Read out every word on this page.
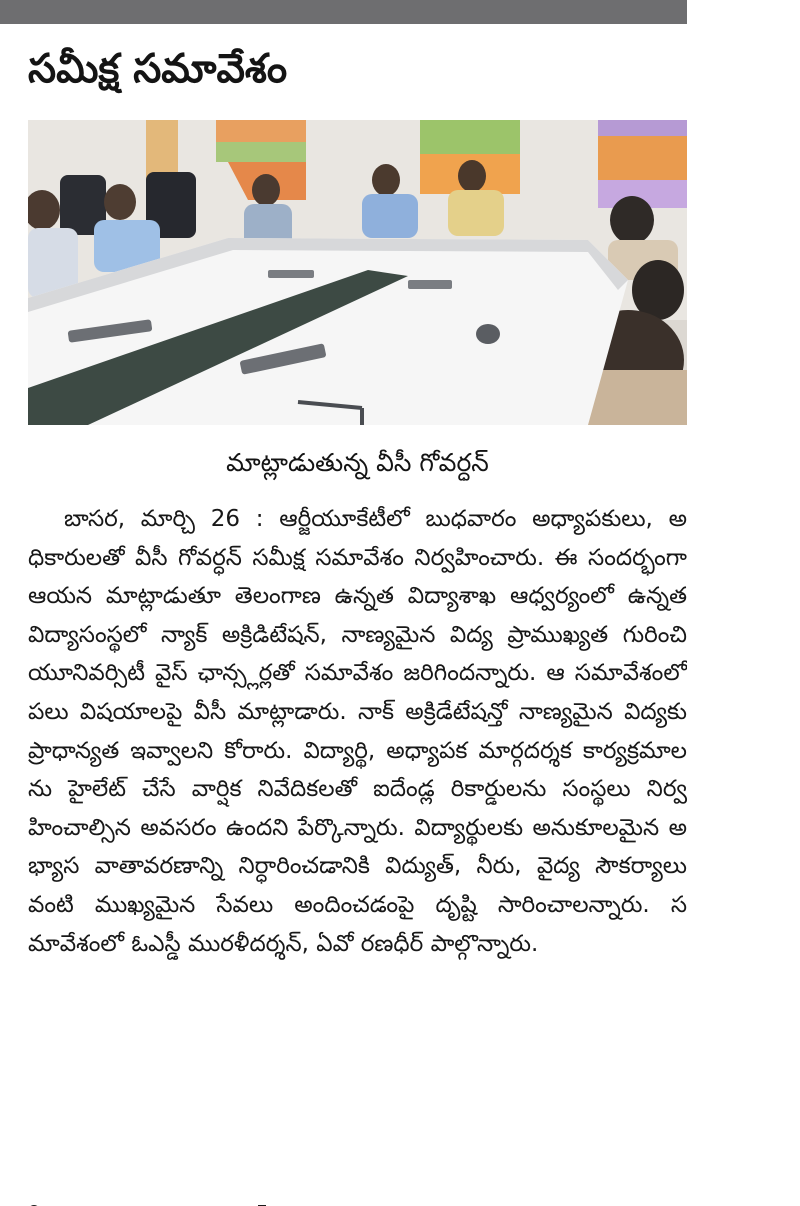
సమీక్ష సమావేశం
మాట్లాడుతున్న వీసీ గోవర్ధన్

బాసర, మార్చి 26 : ఆర్జీయూకేటీలో బుధవారం అధ్యాపకులు, అధికారులతో వీసీ గోవర్ధన్ సమీక్ష సమావేశం నిర్వహించారు. ఈ సందర్భంగా ఆయన మాట్లాడుతూ తెలంగాణ ఉన్నత విద్యాశాఖ ఆధ్వర్యంలో ఉన్నత విద్యాసంస్థలో న్యాక్ అక్రిడిటేషన్, నాణ్యమైన విద్య ప్రాముఖ్యత గురించి యూనివర్సిటీ వైస్ ఛాన్స్లర్లతో సమావేశం జరిగిందన్నారు. ఆ సమావేశంలో పలు విషయాలపై వీసీ మాట్లాడారు. నాక్ అక్రిడేటేషన్తో నాణ్యమైన విద్యకు ప్రాధాన్యత ఇవ్వాలని కోరారు. విద్యార్థి, అధ్యాపక మార్గదర్శక కార్యక్రమాలను హైలేట్ చేసే వార్షిక నివేదికలతో ఐదేండ్ల రికార్డులను సంస్థలు నిర్వహించాల్సిన అవసరం ఉందని పేర్కొన్నారు. విద్యార్థులకు అనుకూలమైన అభ్యాస వాతావరణాన్ని నిర్ధారించడానికి విద్యుత్, నీరు, వైద్య సౌకర్యాలు వంటి ముఖ్యమైన సేవలు అందించడంపై దృష్టి సారించాలన్నారు. సమావేశంలో ఓఎస్డీ మురళీదర్శన్, ఏవో రణధీర్ పాల్గొన్నారు.
